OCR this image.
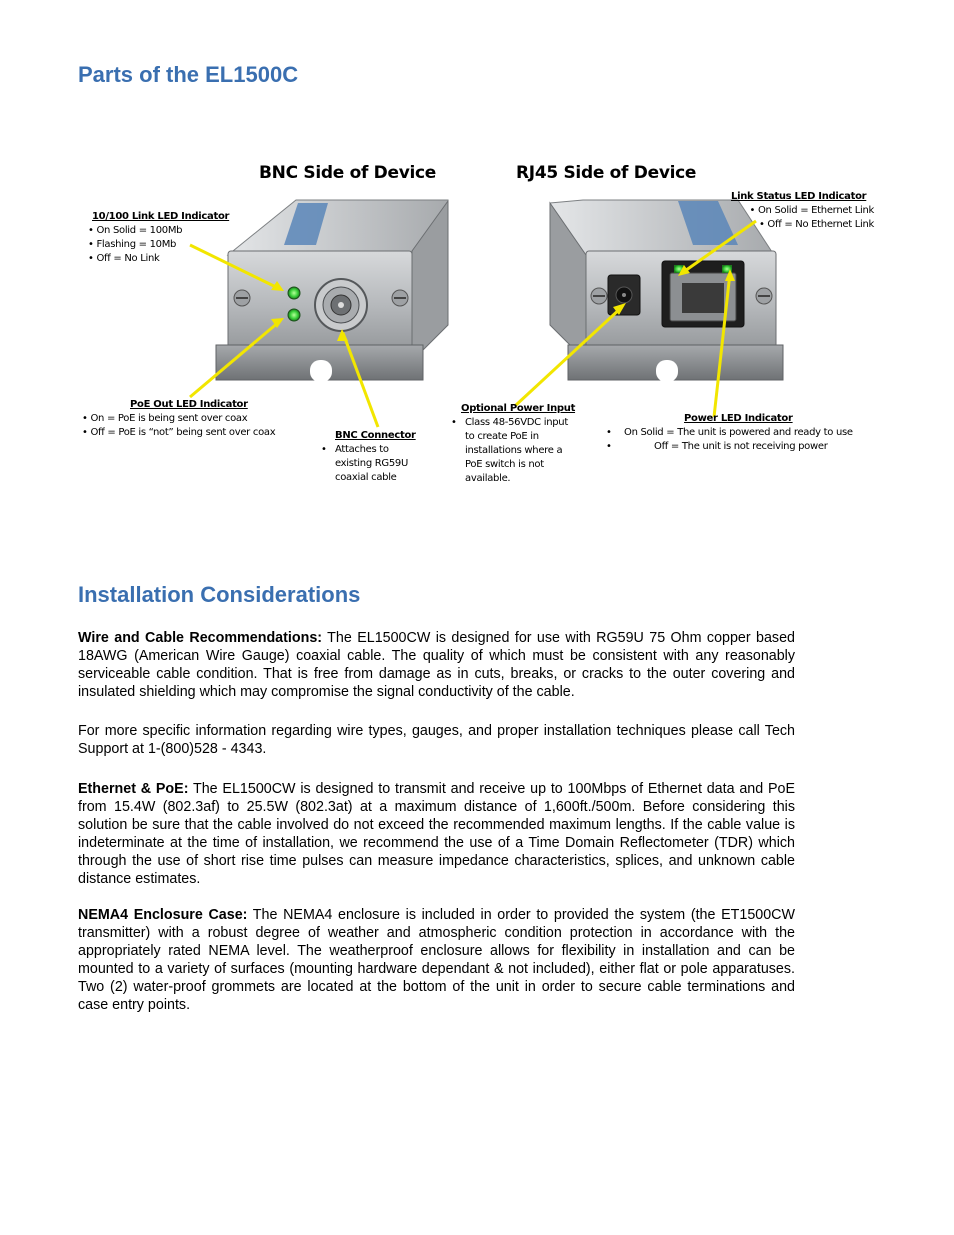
Parts of the EL1500C
BNC Side of Device	RJ45 Side of Device
10/100 Link LED Indicator
• On Solid = 100Mb
• Flashing = 10Mb
• Off = No Link
PoE Out LED Indicator
• On = PoE is being sent over coax
• Off = PoE is “not” being sent over coax	BNC Connector
• Attaches to
existing RG59U
coaxial cable
Optional Power Input
• Class 48-56VDC input
to create PoE in
installations where a
PoE switch is not
available.
Link Status LED Indicator
• On Solid = Ethernet Link
• Off = No Ethernet Link
Power LED Indicator
• On Solid = The unit is powered and ready to use
• Off = The unit is not receiving power
Installation Considerations

Wire and Cable Recommendations: The EL1500CW is designed for use with RG59U 75 Ohm copper based 18AWG (American Wire Gauge) coaxial cable. The quality of which must be consistent with any reasonably serviceable cable condition. That is free from damage as in cuts, breaks, or cracks to the outer covering and insulated shielding which may compromise the signal conductivity of the cable.

For more specific information regarding wire types, gauges, and proper installation techniques please call Tech Support at 1-(800)528 - 4343.

Ethernet & PoE: The EL1500CW is designed to transmit and receive up to 100Mbps of Ethernet data and PoE from 15.4W (802.3af) to 25.5W (802.3at) at a maximum distance of 1,600ft./500m. Before considering this solution be sure that the cable involved do not exceed the recommended maximum lengths. If the cable value is indeterminate at the time of installation, we recommend the use of a Time Domain Reflectometer (TDR) which through the use of short rise time pulses can measure impedance characteristics, splices, and unknown cable distance estimates.

NEMA4 Enclosure Case: The NEMA4 enclosure is included in order to provided the system (the ET1500CW transmitter) with a robust degree of weather and atmospheric condition protection in accordance with the appropriately rated NEMA level. The weatherproof enclosure allows for flexibility in installation and can be mounted to a variety of surfaces (mounting hardware dependant & not included), either flat or pole apparatuses. Two (2) water-proof grommets are located at the bottom of the unit in order to secure cable terminations and case entry points.
